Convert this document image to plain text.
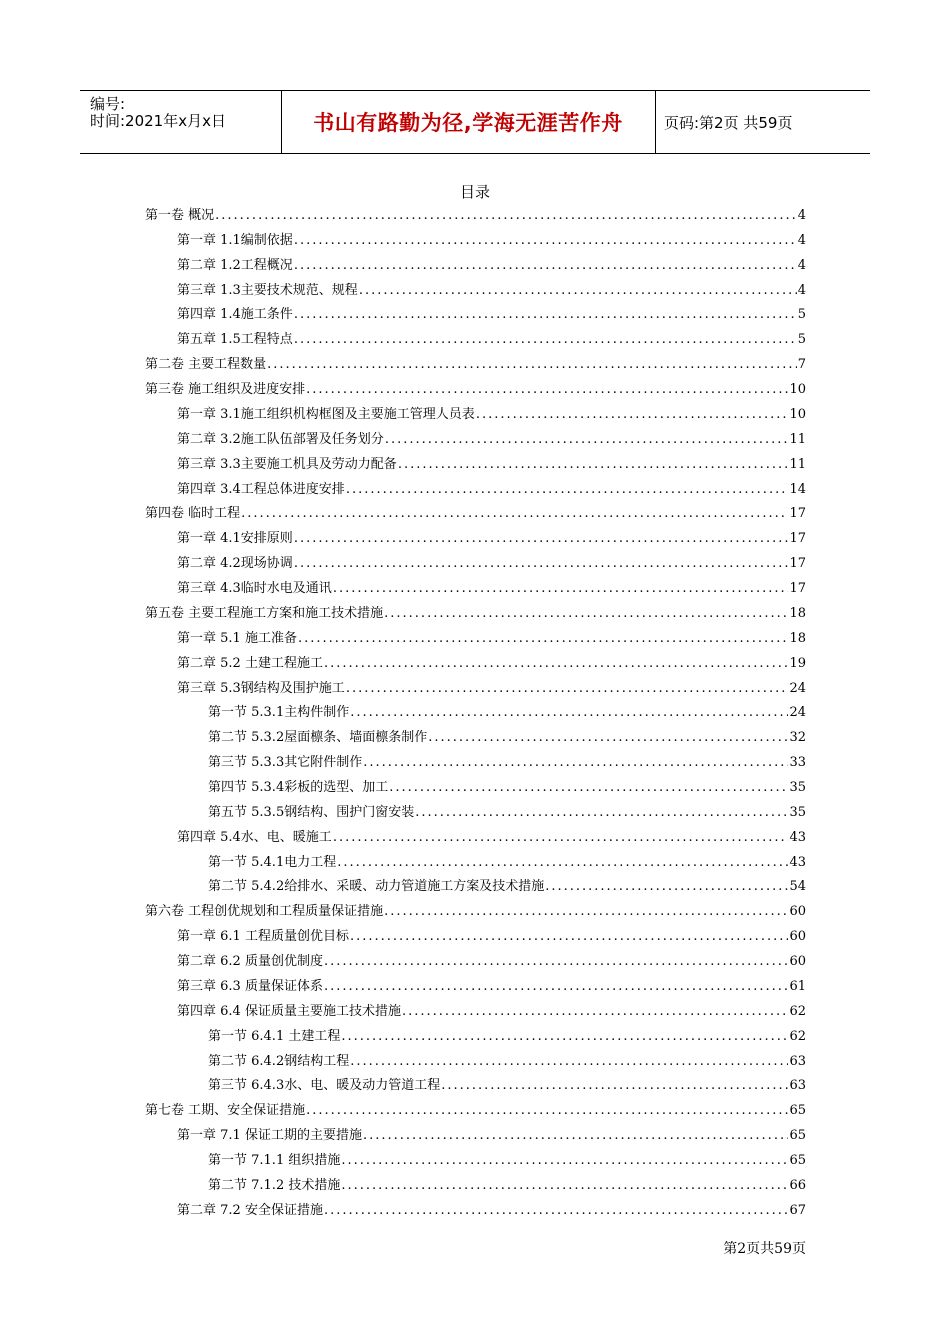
编号:
时间:2021年x月x日	书山有路勤为径,学海无涯苦作舟	页码:第2页 共59页
目录
第一卷 概况 .....	4
第一章 1.1编制依据 .....	4
第二章 1.2工程概况 .....	4
第三章 1.3主要技术规范、规程 .....	4
第四章 1.4施工条件 .....	5
第五章 1.5工程特点 .....	5
第二卷 主要工程数量 .....	7
第三卷 施工组织及进度安排 .....	10
第一章 3.1施工组织机构框图及主要施工管理人员表 .....	10
第二章 3.2施工队伍部署及任务划分 .....	11
第三章 3.3主要施工机具及劳动力配备 .....	11
第四章 3.4工程总体进度安排 .....	14
第四卷 临时工程 .....	17
第一章 4.1安排原则 .....	17
第二章 4.2现场协调 .....	17
第三章 4.3临时水电及通讯 .....	17
第五卷 主要工程施工方案和施工技术措施 .....	18
第一章 5.1 施工准备 .....	18
第二章 5.2 土建工程施工 .....	19
第三章 5.3钢结构及围护施工 .....	24
第一节 5.3.1主构件制作 .....	24
第二节 5.3.2屋面檩条、墙面檩条制作 .....	32
第三节 5.3.3其它附件制作 .....	33
第四节 5.3.4彩板的选型、加工 .....	35
第五节 5.3.5钢结构、围护门窗安装 .....	35
第四章 5.4水、电、暖施工 .....	43
第一节 5.4.1电力工程 .....	43
第二节 5.4.2给排水、采暖、动力管道施工方案及技术措施 .....	54
第六卷 工程创优规划和工程质量保证措施 .....	60
第一章 6.1 工程质量创优目标 .....	60
第二章 6.2 质量创优制度 .....	60
第三章 6.3 质量保证体系 .....	61
第四章 6.4 保证质量主要施工技术措施 .....	62
第一节 6.4.1 土建工程 .....	62
第二节 6.4.2钢结构工程 .....	63
第三节 6.4.3水、电、暖及动力管道工程 .....	63
第七卷 工期、安全保证措施 .....	65
第一章 7.1 保证工期的主要措施 .....	65
第一节 7.1.1 组织措施 .....	65
第二节 7.1.2 技术措施 .....	66
第二章 7.2 安全保证措施 .....	67
第2页共59页
